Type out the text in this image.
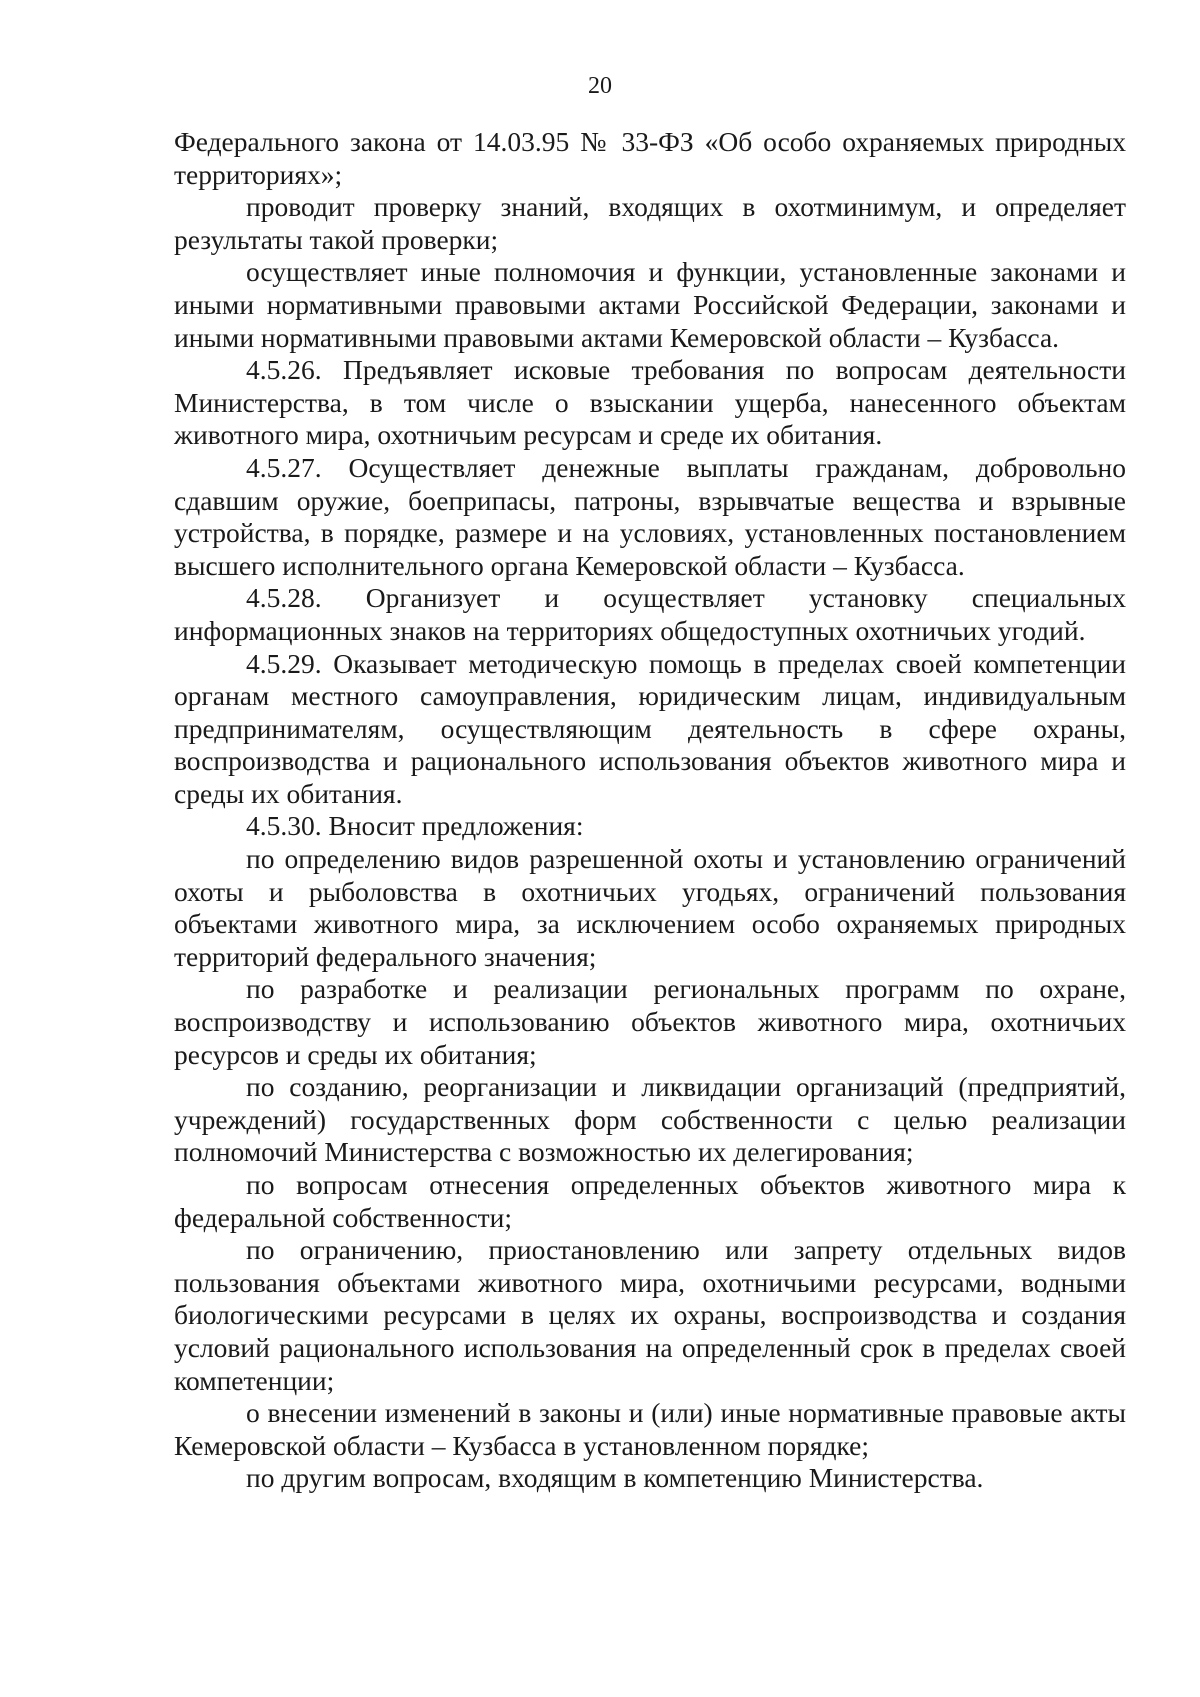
20

Федерального закона от 14.03.95 № 33-ФЗ «Об особо охраняемых природных территориях»;

проводит проверку знаний, входящих в охотминимум, и определяет результаты такой проверки;

осуществляет иные полномочия и функции, установленные законами и иными нормативными правовыми актами Российской Федерации, законами и иными нормативными правовыми актами Кемеровской области – Кузбасса.

4.5.26. Предъявляет исковые требования по вопросам деятельности Министерства, в том числе о взыскании ущерба, нанесенного объектам животного мира, охотничьим ресурсам и среде их обитания.

4.5.27. Осуществляет денежные выплаты гражданам, добровольно сдавшим оружие, боеприпасы, патроны, взрывчатые вещества и взрывные устройства, в порядке, размере и на условиях, установленных постановлением высшего исполнительного органа Кемеровской области – Кузбасса.

4.5.28. Организует и осуществляет установку специальных информационных знаков на территориях общедоступных охотничьих угодий.

4.5.29. Оказывает методическую помощь в пределах своей компетенции органам местного самоуправления, юридическим лицам, индивидуальным предпринимателям, осуществляющим деятельность в сфере охраны, воспроизводства и рационального использования объектов животного мира и среды их обитания.

4.5.30. Вносит предложения:

по определению видов разрешенной охоты и установлению ограничений охоты и рыболовства в охотничьих угодьях, ограничений пользования объектами животного мира, за исключением особо охраняемых природных территорий федерального значения;

по разработке и реализации региональных программ по охране, воспроизводству и использованию объектов животного мира, охотничьих ресурсов и среды их обитания;

по созданию, реорганизации и ликвидации организаций (предприятий, учреждений) государственных форм собственности с целью реализации полномочий Министерства с возможностью их делегирования;

по вопросам отнесения определенных объектов животного мира к федеральной собственности;

по ограничению, приостановлению или запрету отдельных видов пользования объектами животного мира, охотничьими ресурсами, водными биологическими ресурсами в целях их охраны, воспроизводства и создания условий рационального использования на определенный срок в пределах своей компетенции;

о внесении изменений в законы и (или) иные нормативные правовые акты Кемеровской области – Кузбасса в установленном порядке;

по другим вопросам, входящим в компетенцию Министерства.
